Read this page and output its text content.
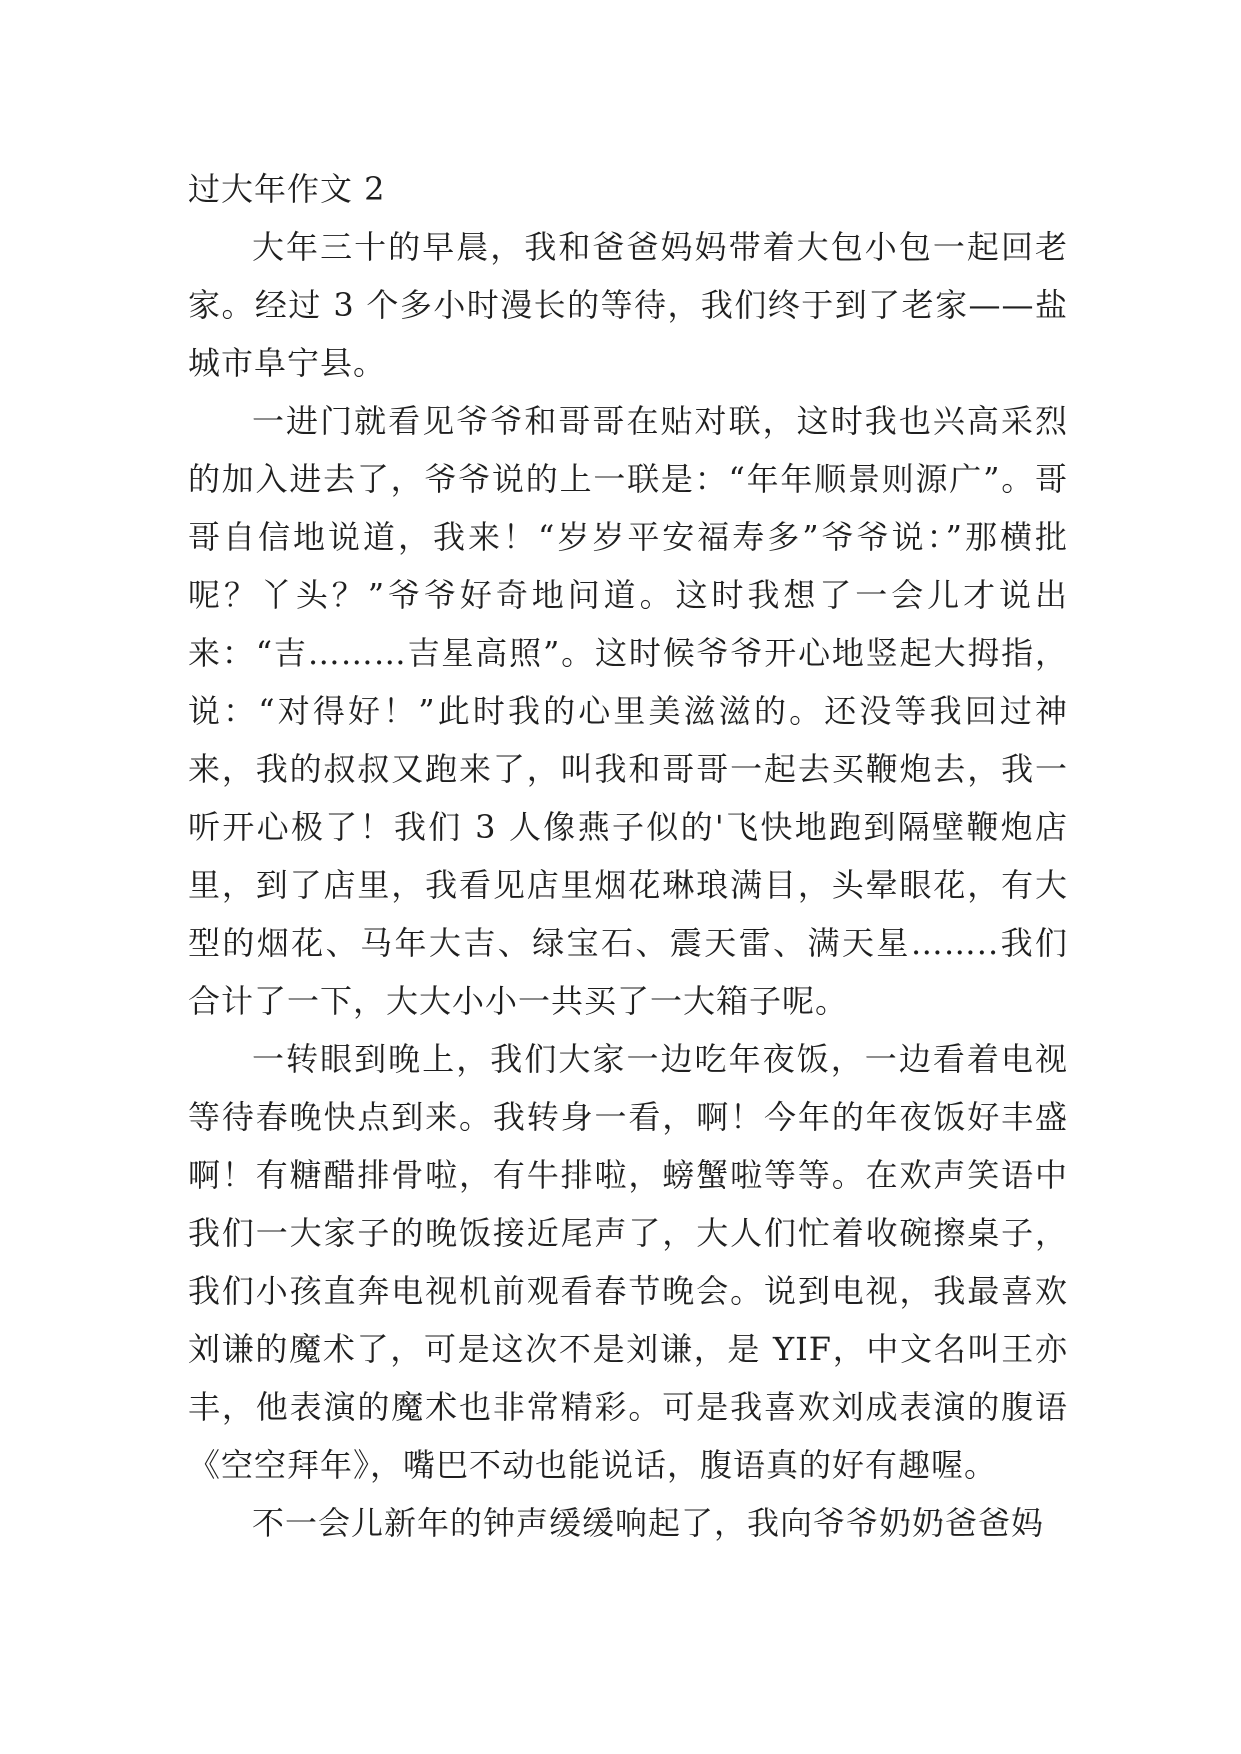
过大年作文 2

大年三十的早晨，我和爸爸妈妈带着大包小包一起回老家。经过 3 个多小时漫长的等待，我们终于到了老家——盐城市阜宁县。

一进门就看见爷爷和哥哥在贴对联，这时我也兴高采烈的加入进去了，爷爷说的上一联是：“年年顺景则源广”。哥哥自信地说道，我来！“岁岁平安福寿多”爷爷说：”那横批呢？丫头？”爷爷好奇地问道。这时我想了一会儿才说出来：“吉………吉星高照”。这时候爷爷开心地竖起大拇指，说：“对得好！”此时我的心里美滋滋的。还没等我回过神来，我的叔叔又跑来了，叫我和哥哥一起去买鞭炮去，我一听开心极了！我们 3 人像燕子似的'飞快地跑到隔壁鞭炮店里，到了店里，我看见店里烟花琳琅满目，头晕眼花，有大型的烟花、马年大吉、绿宝石、震天雷、满天星……..我们合计了一下，大大小小一共买了一大箱子呢。

一转眼到晚上，我们大家一边吃年夜饭，一边看着电视等待春晚快点到来。我转身一看，啊！今年的年夜饭好丰盛啊！有糖醋排骨啦，有牛排啦，螃蟹啦等等。在欢声笑语中我们一大家子的晚饭接近尾声了，大人们忙着收碗擦桌子，我们小孩直奔电视机前观看春节晚会。说到电视，我最喜欢刘谦的魔术了，可是这次不是刘谦，是 YIF，中文名叫王亦丰，他表演的魔术也非常精彩。可是我喜欢刘成表演的腹语《空空拜年》，嘴巴不动也能说话，腹语真的好有趣喔。

不一会儿新年的钟声缓缓响起了，我向爷爷奶奶爸爸妈
